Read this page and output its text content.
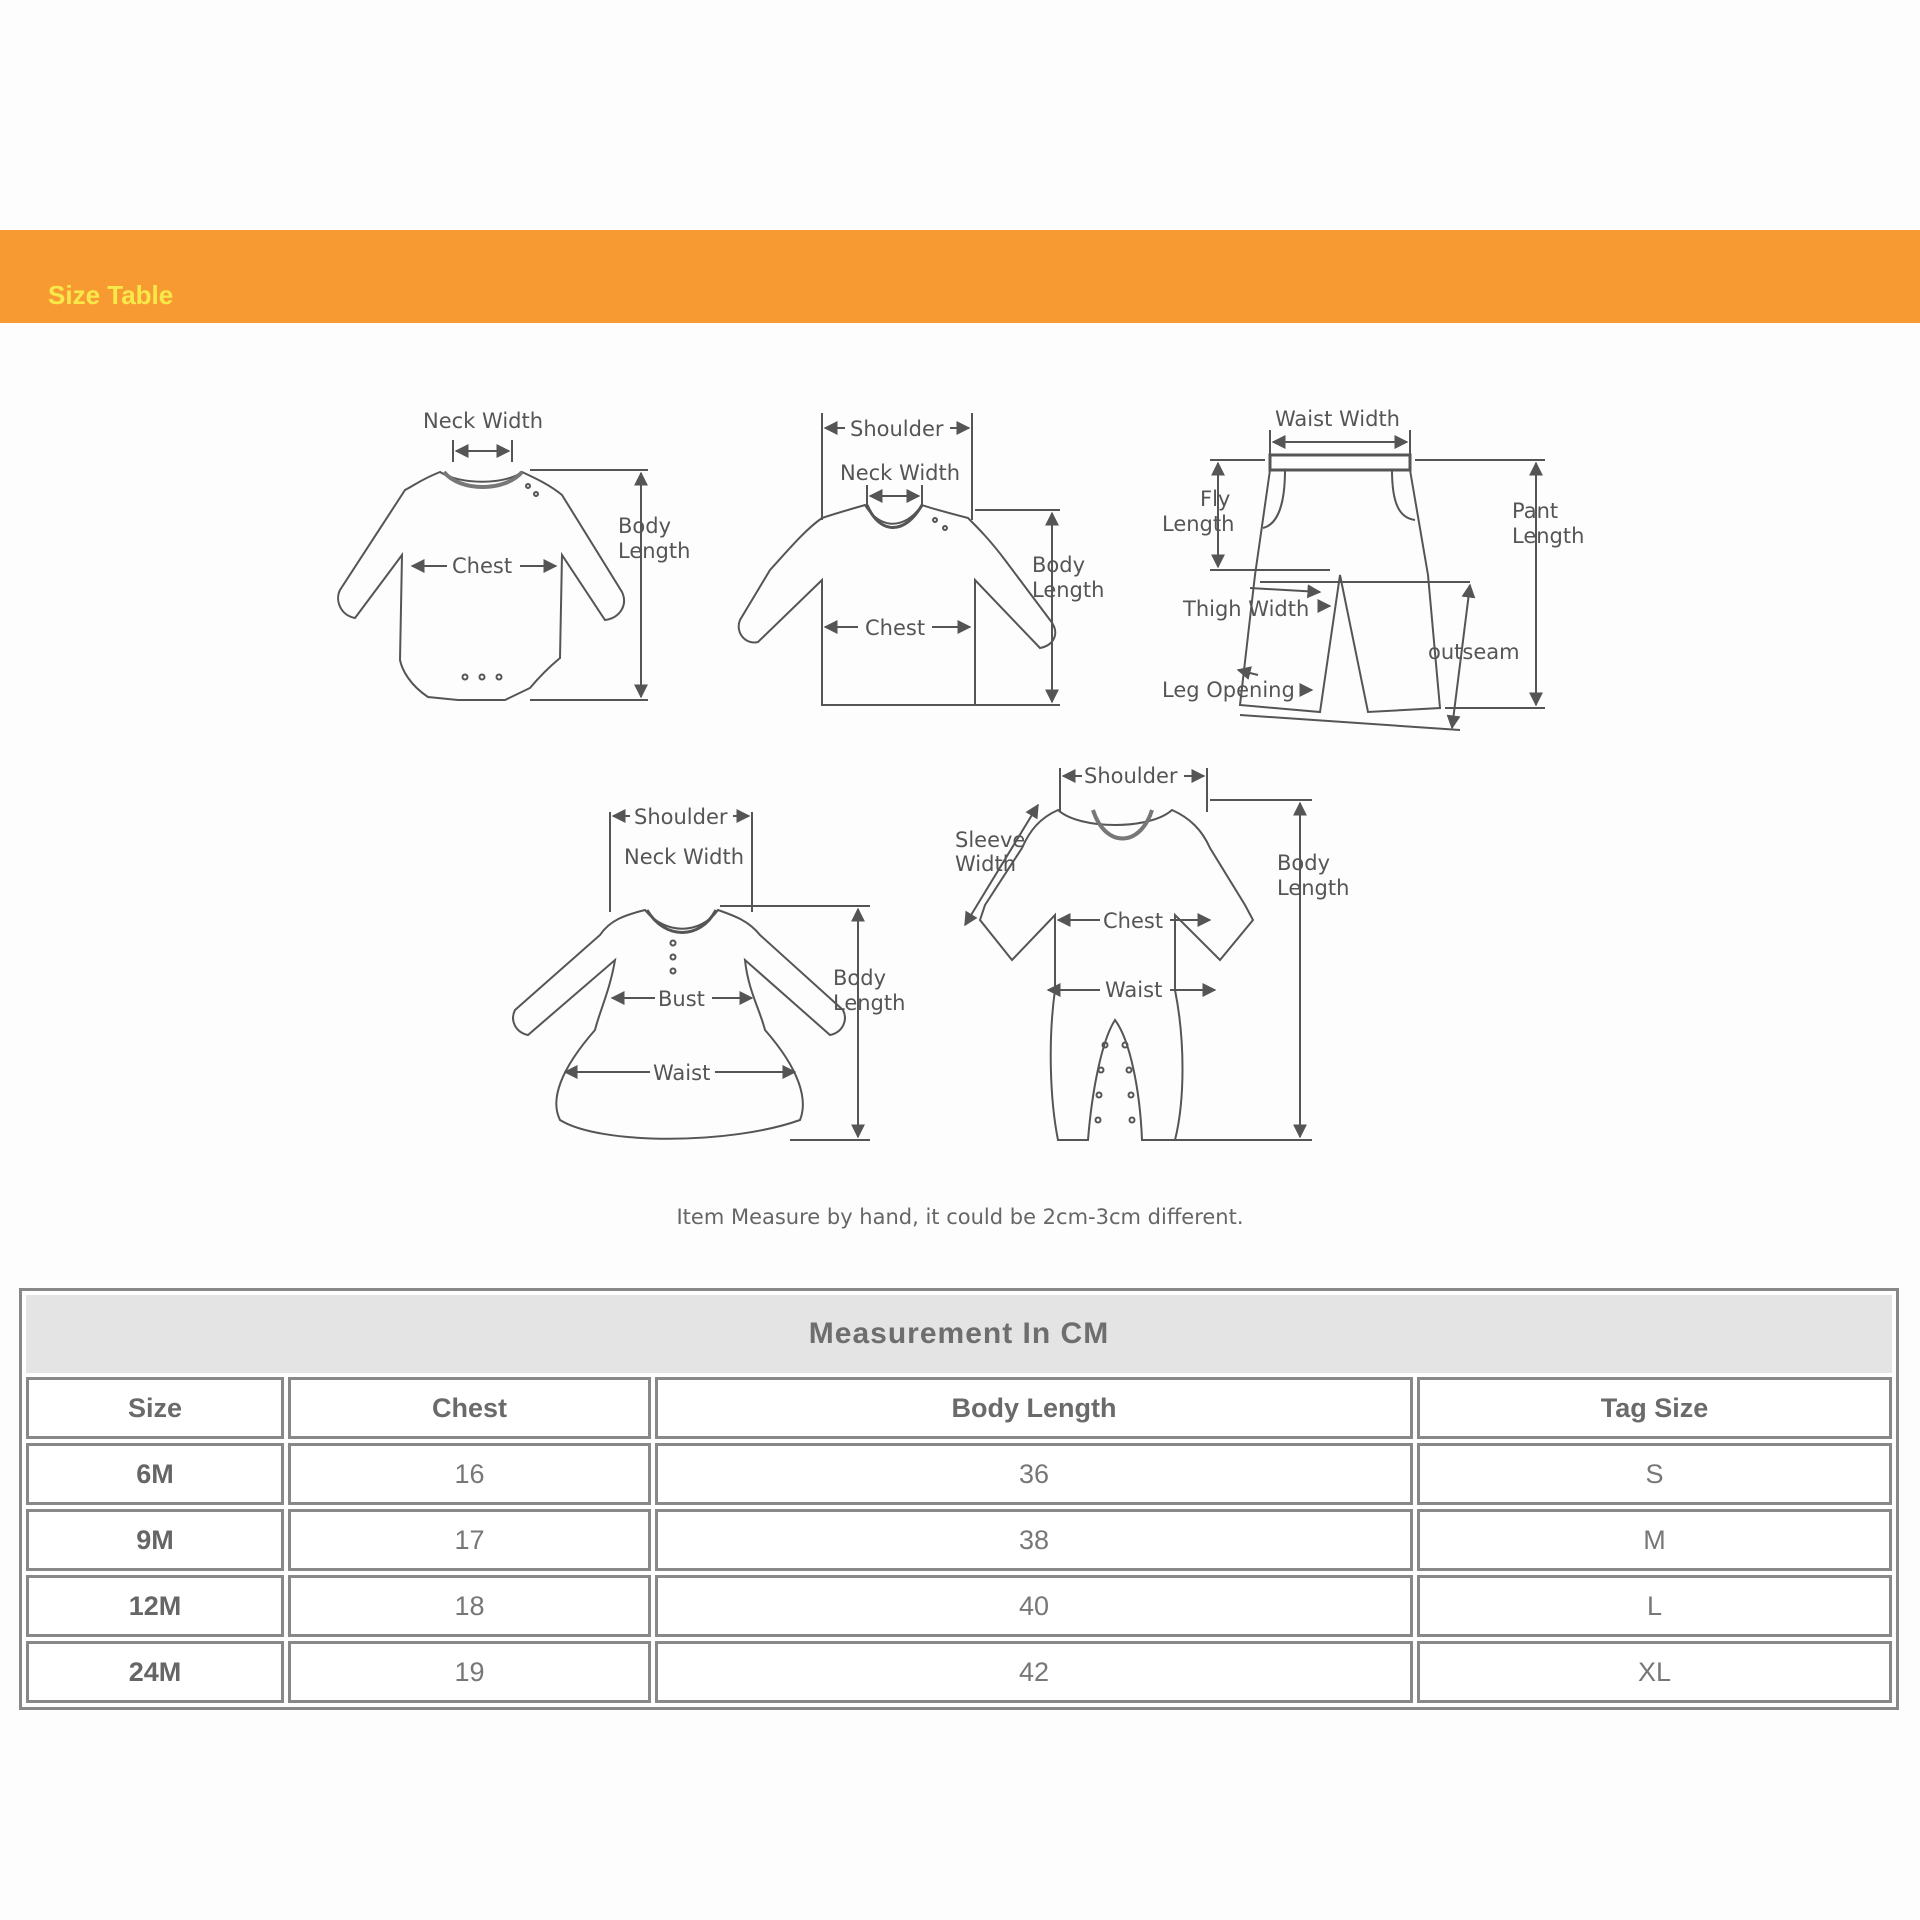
Size Table
Neck Width
Chest
Body
Length
Shoulder
Neck Width
Chest
Body
Length
Waist Width
Fly
Length
Pant
Length
Thigh Width
outseam
Leg Opening
Shoulder
Neck Width
Bust
Waist
Body
Length
Shoulder
Sleeve
Width
Chest
Waist
Body
Length
Item Measure by hand, it could be 2cm-3cm different.
Measurement In CM			
Size	Chest	Body Length	Tag Size
6M	16	36	S
9M	17	38	M
12M	18	40	L
24M	19	42	XL
